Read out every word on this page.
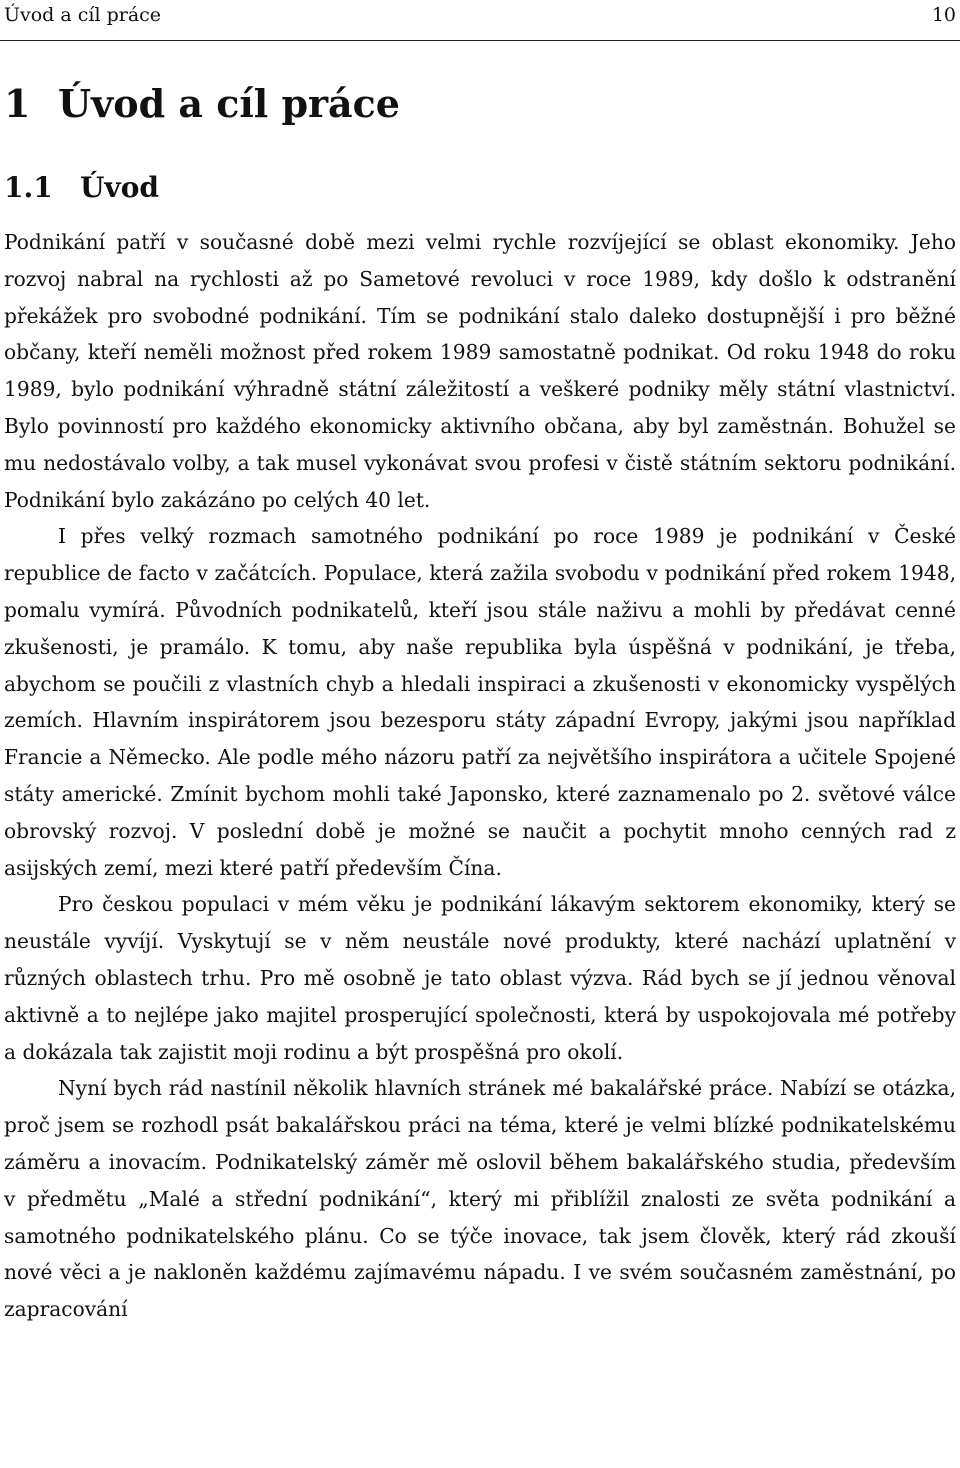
Úvod a cíl práce	10
1 Úvod a cíl práce
1.1 Úvod

Podnikání patří v současné době mezi velmi rychle rozvíjející se oblast ekonomiky. Jeho rozvoj nabral na rychlosti až po Sametové revoluci v roce 1989, kdy došlo k odstranění překážek pro svobodné podnikání. Tím se podnikání stalo daleko dostupnější i pro běžné občany, kteří neměli možnost před rokem 1989 samostatně podnikat. Od roku 1948 do roku 1989, bylo podnikání výhradně státní záležitostí a veškeré podniky měly státní vlastnictví. Bylo povinností pro každého ekonomicky aktivního občana, aby byl zaměstnán. Bohužel se mu nedostávalo volby, a tak musel vykonávat svou profesi v čistě státním sektoru podnikání. Podnikání bylo zakázáno po celých 40 let.

I přes velký rozmach samotného podnikání po roce 1989 je podnikání v České republice de facto v začátcích. Populace, která zažila svobodu v podnikání před rokem 1948, pomalu vymírá. Původních podnikatelů, kteří jsou stále naživu a mohli by předávat cenné zkušenosti, je pramálo. K tomu, aby naše republika byla úspěšná v podnikání, je třeba, abychom se poučili z vlastních chyb a hledali inspiraci a zkušenosti v ekonomicky vyspělých zemích. Hlavním inspirátorem jsou bezesporu státy západní Evropy, jakými jsou například Francie a Německo. Ale podle mého názoru patří za největšího inspirátora a učitele Spojené státy americké. Zmínit bychom mohli také Japonsko, které zaznamenalo po 2. světové válce obrovský rozvoj. V poslední době je možné se naučit a pochytit mnoho cenných rad z asijských zemí, mezi které patří především Čína.

Pro českou populaci v mém věku je podnikání lákavým sektorem ekonomiky, který se neustále vyvíjí. Vyskytují se v něm neustále nové produkty, které nachází uplatnění v různých oblastech trhu. Pro mě osobně je tato oblast výzva. Rád bych se jí jednou věnoval aktivně a to nejlépe jako majitel prosperující společnosti, která by uspokojovala mé potřeby a dokázala tak zajistit moji rodinu a být prospěšná pro okolí.

Nyní bych rád nastínil několik hlavních stránek mé bakalářské práce. Nabízí se otázka, proč jsem se rozhodl psát bakalářskou práci na téma, které je velmi blízké podnikatelskému záměru a inovacím. Podnikatelský záměr mě oslovil během bakalářského studia, především v předmětu „Malé a střední podnikání“, který mi přiblížil znalosti ze světa podnikání a samotného podnikatelského plánu. Co se týče inovace, tak jsem člověk, který rád zkouší nové věci a je nakloněn každému zajímavému nápadu. I ve svém současném zaměstnání, po zapracování
